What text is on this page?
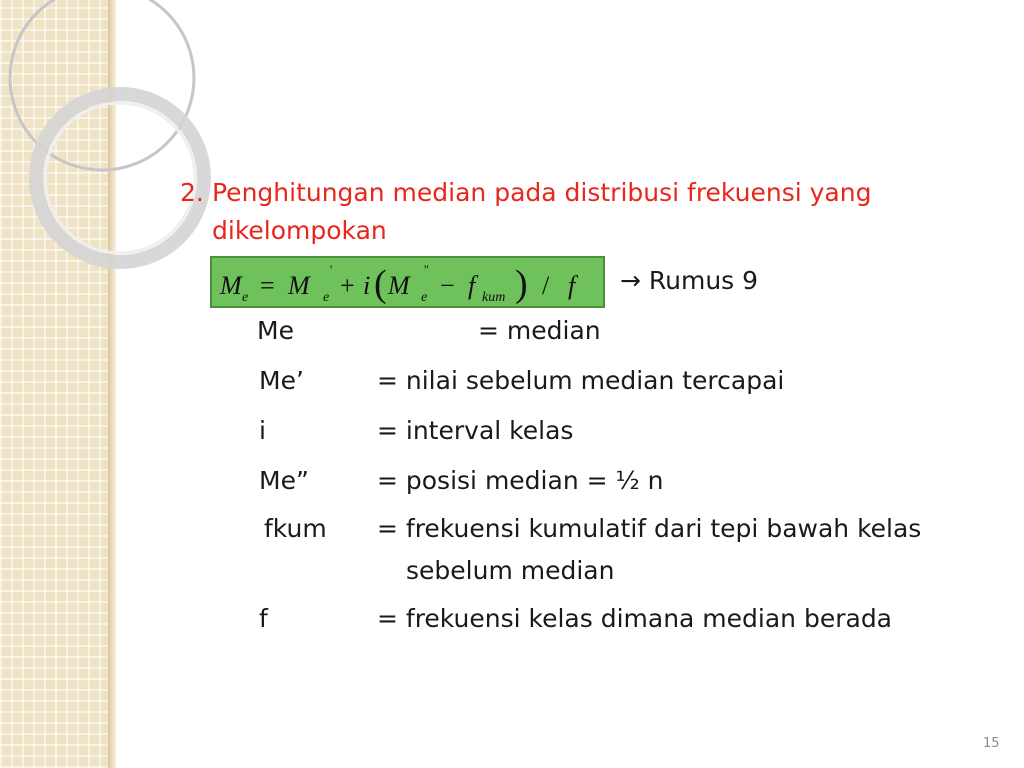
2. Penghitungan median pada distribusi frekuensi yang
dikelompokan
M e = M
'
e + i ( M
''
e − f kum ) / f → Rumus 9
Me	= median
Me’	= nilai sebelum median tercapai
i	= interval kelas
Me”	= posisi median = ½ n
fkum = frekuensi kumulatif dari tepi bawah kelas
sebelum median
f	= frekuensi kelas dimana median berada
15
